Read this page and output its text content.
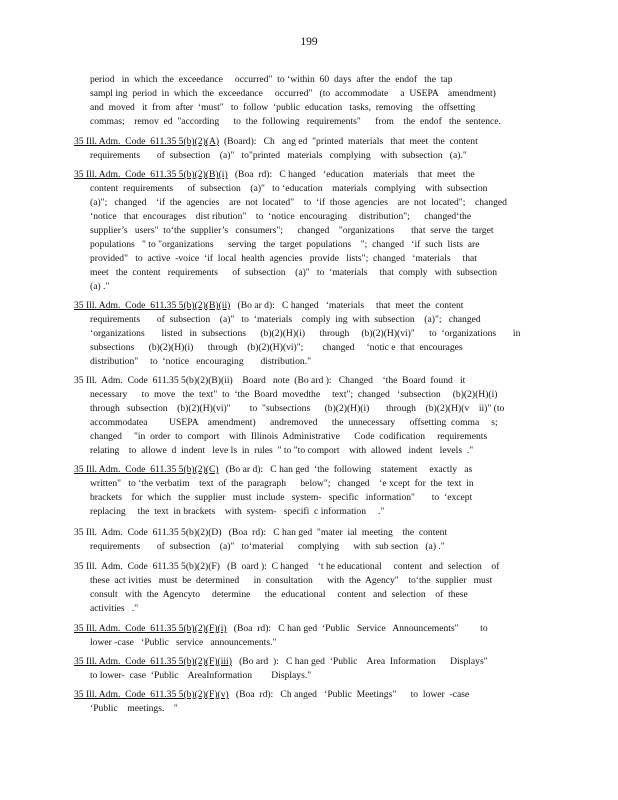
199
period   in  which  the  exceedance     occurred"  to ‘within  60  days  after  the  endof   the  tap
sampl ing  period  in  which  the  exceedance     occurred"   (to  accommodate     a  USEPA    amendment)
and  moved   it  from  after  ‘must"   to  follow  ‘public  education   tasks,  removing    the  offsetting
commas;    remov  ed  "according      to  the  following   requirements"      from    the  endof   the  sentence.
35 Ill. Adm.  Code  611.35 5(b)(2)(A)  (Board):   Ch   ang ed  "printed  materials   that  meet  the  content
requirements       of  subsection    (a)"   to"printed   materials   complying    with  subsection   (a)."
35 Ill. Adm.  Code  611.35 5(b)(2)(B)(i)   (Boa  rd):   C hanged   ‘education    materials    that  meet   the
content  requirements      of  subsection    (a)"   to ‘education    materials   complying    with  subsection
(a)";   changed    ‘if  the  agencies    are  not  located"    to  ‘if  those  agencies    are  not  located";    changed
‘notice   that  encourages    dist ribution"    to  ‘notice  encouraging     distribution";      changed‘the
supplier’s   users"  to‘the  supplier’s   consumers";      changed    "organizations       that  serve  the  target
populations   " to "organizations      serving   the  target  populations    ";  changed   ‘if  such  lists  are
provided"   to  active  -voice  ‘if  local  health  agencies   provide   lists";  changed   ‘materials     that
meet   the  content   requirements      of  subsection    (a)"   to  ‘materials     that  comply   with  subsection
(a) ."
35 Ill. Adm.  Code  611.35 5(b)(2)(B)(ii)   (Bo ar d):   C hanged   ‘materials     that  meet  the  content
requirements       of  subsection    (a)"   to  ‘materials    comply  ing  with  subsection    (a)";   changed
‘organizations       listed   in  subsections      (b)(2)(H)(i)      through     (b)(2)(H)(vi)"      to  ‘organizations       in
subsections      (b)(2)(H)(i)      through    (b)(2)(H)(vi)";        changed     ‘notic e  that  encourages
distribution"     to  ‘notice   encouraging       distribution."
35 Ill.  Adm.  Code  611.35 5(b)(2)(B)(ii)    Board   note  (Bo ard ):   Changed    ‘the  Board  found   it
necessary      to  move   the  text"  to  ‘the  Board  movedthe     text";  changed   ‘subsection     (b)(2)(H)(i)
through   subsection    (b)(2)(H)(vi)"        to  "subsections      (b)(2)(H)(i)       through    (b)(2)(H)(v    ii)" (to
accommodatea         USEPA    amendment)      andremoved      the  unnecessary      offsetting  comma     s;
changed     "in  order  to  comport    with  Illinois  Administrative      Code  codification     requirements
relating    to  allowe  d  indent   leve ls  in  rules  " to "to comport    with  allowed   indent   levels  ."
35 Ill. Adm.  Code  611.35 5(b)(2)(C)   (Bo ar d):   C han ged  ‘the  following    statement     exactly   as
written"   to ‘the verbatim    text  of  the  paragraph      below";   changed    ‘e xcept  for  the  text  in
brackets    for  which   the  supplier   must  include   system-   specific   information"       to  ‘except
replacing     the  text  in brackets    with  system-   specifi  c information     ."
35 Ill.  Adm.  Code  611.35 5(b)(2)(D)   (Boa  rd):   C han ged  "mater  ial  meeting    the  content
requirements       of  subsection    (a)"   to‘material      complying      with  sub section   (a) ."
35 Ill.  Adm.  Code  611.35 5(b)(2)(F)   (B  oard ):  C hanged    ‘t he educational     content   and  selection    of
these  act ivities   must  be  determined      in  consultation      with  the  Agency"    to‘the  supplier   must
consult   with  the  Agencyto     determine      the  educational     content   and  selection    of  these
activities   ."
35 Ill. Adm.  Code  611.35 5(b)(2)(F)(i)   (Boa  rd):   C han ged  ‘Public   Service   Announcements"         to
lower -case   ‘Public   service   announcements."
35 Ill. Adm.  Code  611.35 5(b)(2)(F)(iii)   (Bo ard  ):   C han ged  ‘Public    Area  Information      Displays"
to lower-  case  ‘Public    AreaInformation        Displays."
35 Ill. Adm.  Code  611.35 5(b)(2)(F)(v)   (Boa  rd):   Ch anged   ‘Public  Meetings"      to  lower  -case
‘Public    meetings.    "
